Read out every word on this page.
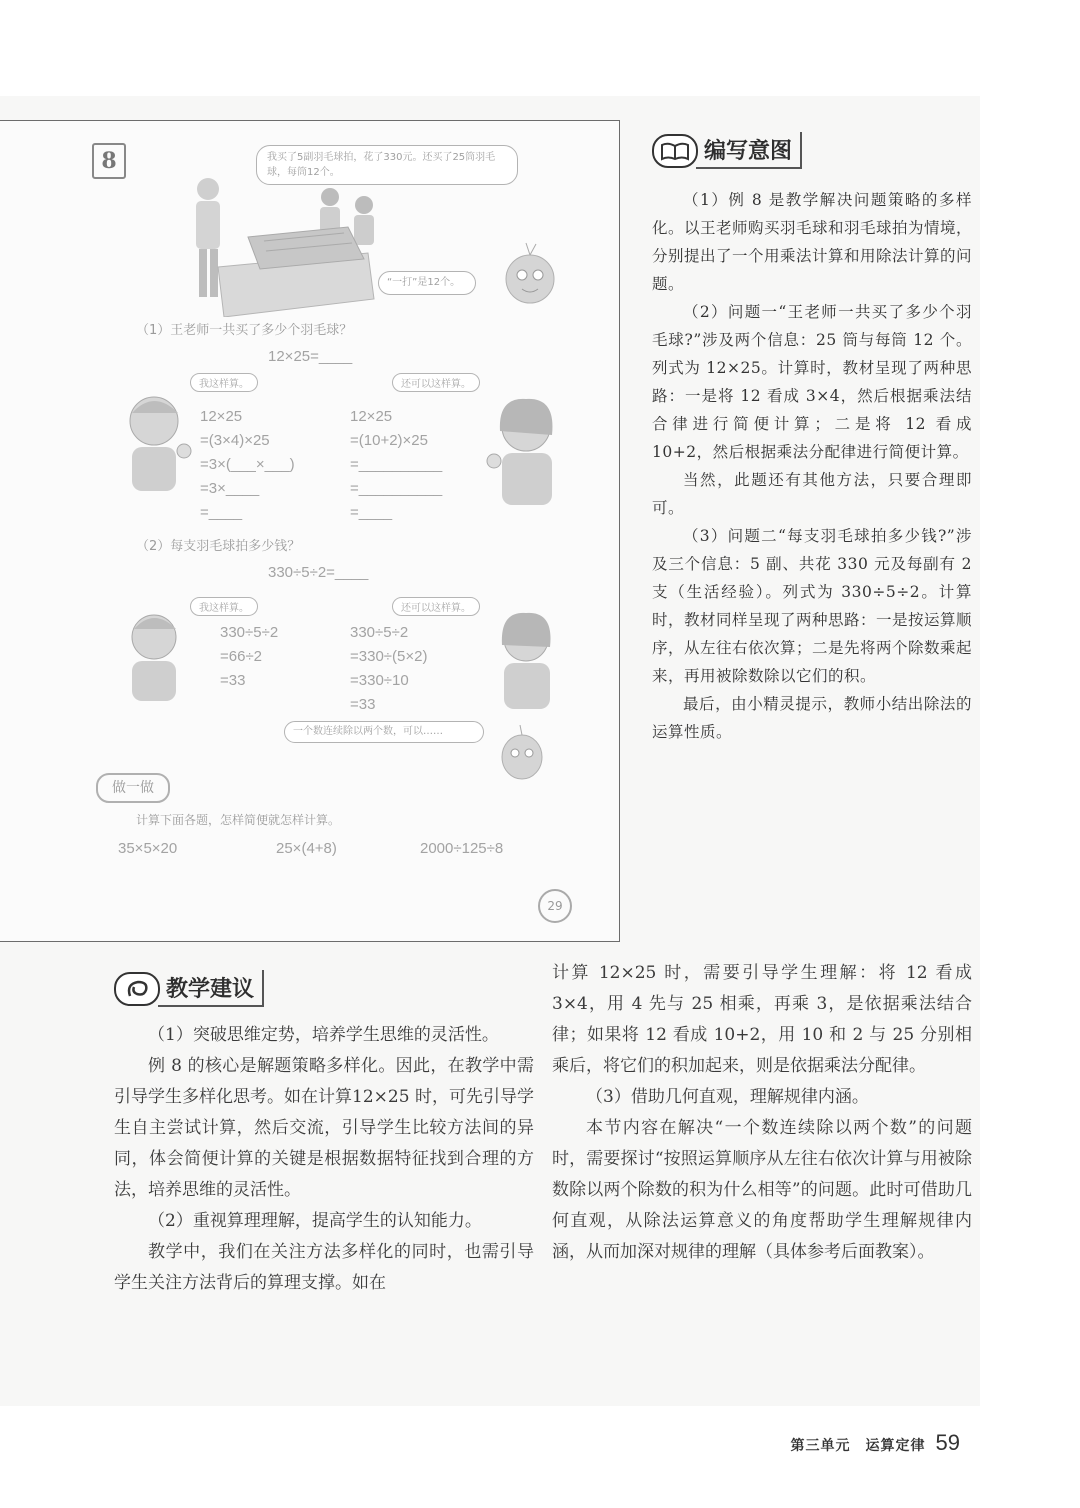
8	我买了5副羽毛球拍，花了330元。还买了25筒羽毛球，每筒12个。
“一打”是12个。
（1）王老师一共买了多少个羽毛球？
12×25=____
我这样算。
12×25
=(3×4)×25
=3×(___×___)
=3×____
=____
还可以这样算。
12×25
=(10+2)×25
=__________
=__________
=____
（2）每支羽毛球拍多少钱？
330÷5÷2=____
我这样算。
330÷5÷2
=66÷2
=33
还可以这样算。
330÷5÷2
=330÷(5×2)
=330÷10
=33
一个数连续除以两个数，可以……
做一做
计算下面各题，怎样简便就怎样计算。
35×5×20	25×(4+8)	2000÷125÷8
29
编写意图

（1）例 8 是教学解决问题策略的多样化。以王老师购买羽毛球和羽毛球拍为情境，分别提出了一个用乘法计算和用除法计算的问题。

（2）问题一“王老师一共买了多少个羽毛球?”涉及两个信息：25 筒与每筒 12 个。列式为 12×25。计算时，教材呈现了两种思路：一是将 12 看成 3×4，然后根据乘法结合律进行简便计算；二是将 12 看成 10+2，然后根据乘法分配律进行简便计算。

当然，此题还有其他方法，只要合理即可。

（3）问题二“每支羽毛球拍多少钱?”涉及三个信息：5 副、共花 330 元及每副有 2 支（生活经验）。列式为 330÷5÷2。计算时，教材同样呈现了两种思路：一是按运算顺序，从左往右依次算；二是先将两个除数乘起来，再用被除数除以它们的积。

最后，由小精灵提示，教师小结出除法的运算性质。

教学建议

（1）突破思维定势，培养学生思维的灵活性。

例 8 的核心是解题策略多样化。因此，在教学中需引导学生多样化思考。如在计算12×25 时，可先引导学生自主尝试计算，然后交流，引导学生比较方法间的异同，体会简便计算的关键是根据数据特征找到合理的方法，培养思维的灵活性。

（2）重视算理理解，提高学生的认知能力。

教学中，我们在关注方法多样化的同时，也需引导学生关注方法背后的算理支撑。如在

计算 12×25 时，需要引导学生理解：将 12 看成 3×4，用 4 先与 25 相乘，再乘 3，是依据乘法结合律；如果将 12 看成 10+2，用 10 和 2 与 25 分别相乘后，将它们的积加起来，则是依据乘法分配律。

（3）借助几何直观，理解规律内涵。

本节内容在解决“一个数连续除以两个数”的问题时，需要探讨“按照运算顺序从左往右依次计算与用被除数除以两个除数的积为什么相等”的问题。此时可借助几何直观，从除法运算意义的角度帮助学生理解规律内涵，从而加深对规律的理解（具体参考后面教案）。

第三单元　运算定律 59
